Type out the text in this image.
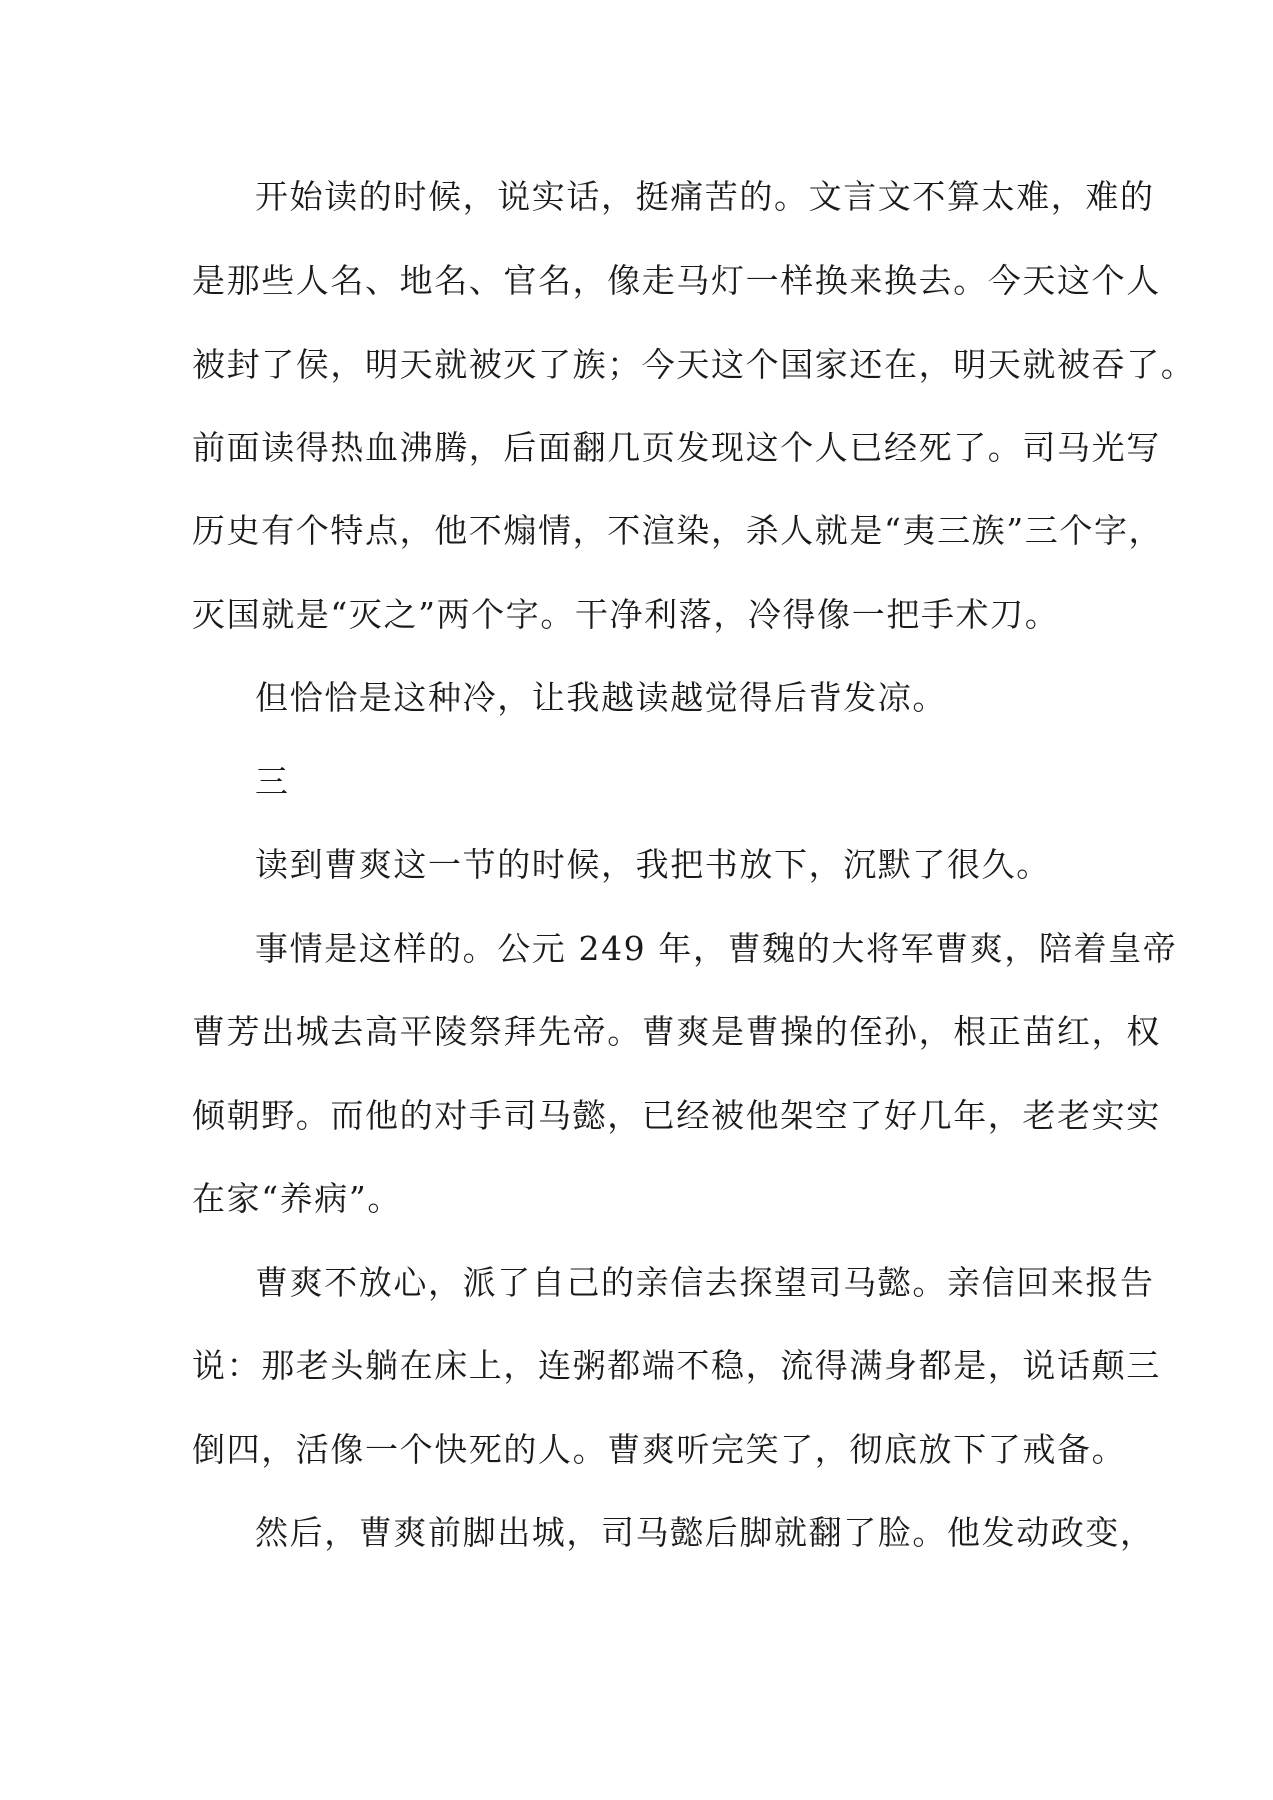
开始读的时候，说实话，挺痛苦的。文言文不算太难，难的

是那些人名、地名、官名，像走马灯一样换来换去。今天这个人

被封了侯，明天就被灭了族；今天这个国家还在，明天就被吞了。

前面读得热血沸腾，后面翻几页发现这个人已经死了。司马光写

历史有个特点，他不煽情，不渲染，杀人就是“夷三族”三个字，

灭国就是“灭之”两个字。干净利落，冷得像一把手术刀。

但恰恰是这种冷，让我越读越觉得后背发凉。

三

读到曹爽这一节的时候，我把书放下，沉默了很久。

事情是这样的。公元 249 年，曹魏的大将军曹爽，陪着皇帝

曹芳出城去高平陵祭拜先帝。曹爽是曹操的侄孙，根正苗红，权

倾朝野。而他的对手司马懿，已经被他架空了好几年，老老实实

在家“养病”。

曹爽不放心，派了自己的亲信去探望司马懿。亲信回来报告

说：那老头躺在床上，连粥都端不稳，流得满身都是，说话颠三

倒四，活像一个快死的人。曹爽听完笑了，彻底放下了戒备。

然后，曹爽前脚出城，司马懿后脚就翻了脸。他发动政变，
